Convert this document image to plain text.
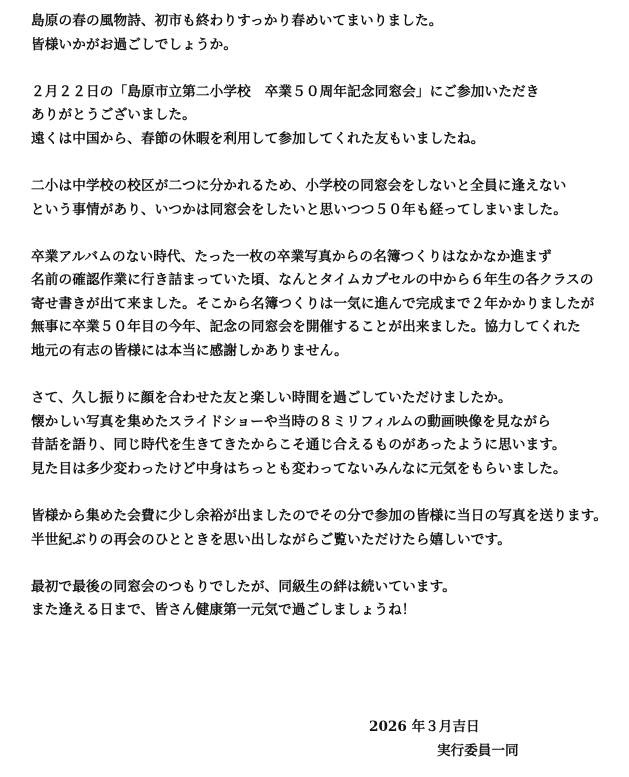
島原の春の風物詩、初市も終わりすっかり春めいてまいりました。
皆様いかがお過ごしでしょうか。
２月２２日の「島原市立第二小学校　卒業５０周年記念同窓会」にご参加いただき
ありがとうございました。
遠くは中国から、春節の休暇を利用して参加してくれた友もいましたね。
二小は中学校の校区が二つに分かれるため、小学校の同窓会をしないと全員に逢えない
という事情があり、いつかは同窓会をしたいと思いつつ５０年も経ってしまいました。
卒業アルバムのない時代、たった一枚の卒業写真からの名簿つくりはなかなか進まず
名前の確認作業に行き詰まっていた頃、なんとタイムカプセルの中から６年生の各クラスの
寄せ書きが出て来ました。そこから名簿つくりは一気に進んで完成まで２年かかりましたが
無事に卒業５０年目の今年、記念の同窓会を開催することが出来ました。協力してくれた
地元の有志の皆様には本当に感謝しかありません。
さて、久し振りに顔を合わせた友と楽しい時間を過ごしていただけましたか。
懐かしい写真を集めたスライドショーや当時の８ミリフィルムの動画映像を見ながら
昔話を語り、同じ時代を生きてきたからこそ通じ合えるものがあったように思います。
見た目は多少変わったけど中身はちっとも変わってないみんなに元気をもらいました。
皆様から集めた会費に少し余裕が出ましたのでその分で参加の皆様に当日の写真を送ります。
半世紀ぶりの再会のひとときを思い出しながらご覧いただけたら嬉しいです。
最初で最後の同窓会のつもりでしたが、同級生の絆は続いています。
また逢える日まで、皆さん健康第一元気で過ごしましょうね！
2026 年３月吉日
実行委員一同
